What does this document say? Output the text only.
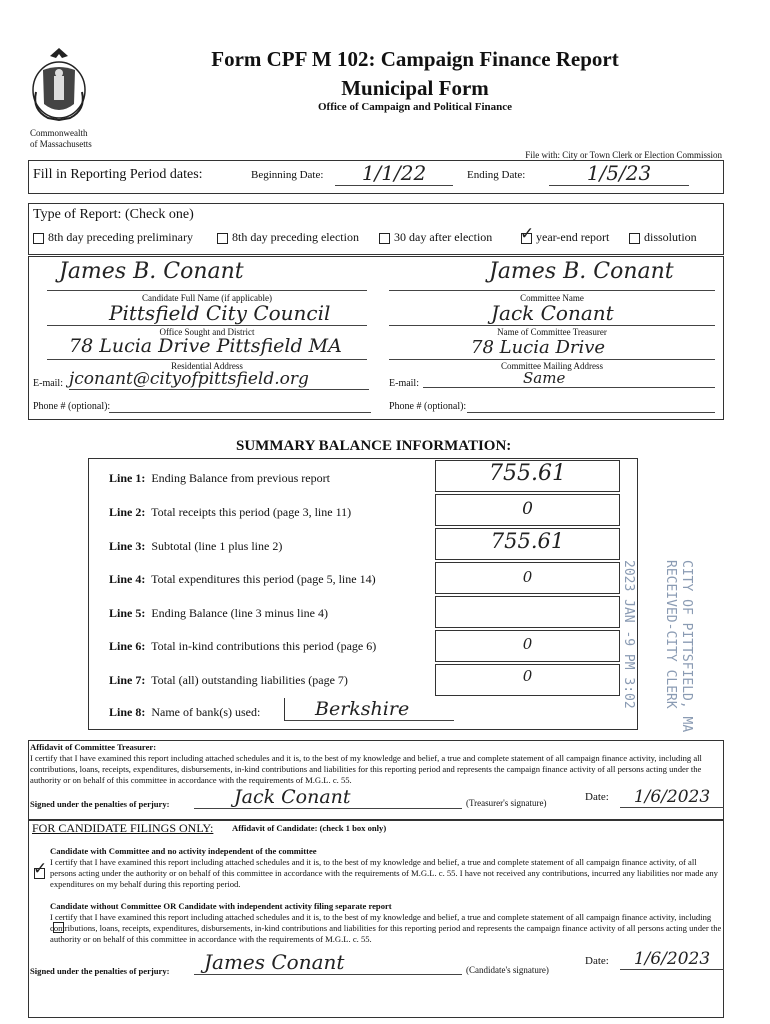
Form CPF M 102: Campaign Finance Report
Municipal Form
Office of Campaign and Political Finance
Commonwealth
of Massachusetts
File with: City or Town Clerk or Election Commission
Fill in Reporting Period dates:	Beginning Date:	1/1/22	Ending Date:	1/5/23
Type of Report: (Check one)
8th day preceding preliminary	8th day preceding election	30 day after election ✓ year-end report	dissolution
James B. Conant
Candidate Full Name (if applicable)
Pittsfield City Council
Office Sought and District
78 Lucia Drive Pittsfield MA
Residential Address
E-mail: jconant@cityofpittsfield.org
Phone # (optional):
James B. Conant
Committee Name
Jack Conant
Name of Committee Treasurer
78 Lucia Drive
Committee Mailing Address
E-mail:	Same
Phone # (optional):
SUMMARY BALANCE INFORMATION:
Line 1: Ending Balance from previous report	755.61
Line 2: Total receipts this period (page 3, line 11)	0
Line 3: Subtotal (line 1 plus line 2)	755.61
Line 4: Total expenditures this period (page 5, line 14)	0
Line 5: Ending Balance (line 3 minus line 4)
Line 6: Total in-kind contributions this period (page 6)	0
Line 7: Total (all) outstanding liabilities (page 7)	0
Line 8: Name of bank(s) used:	Berkshire
2023 JAN -9 PM 3:02 RECEIVED-CITY CLERK CITY OF PITTSFIELD, MA
Affidavit of Committee Treasurer:
I certify that I have examined this report including attached schedules and it is, to the best of my knowledge and belief, a true and complete statement of all campaign finance activity, including all contributions, loans, receipts, expenditures, disbursements, in-kind contributions and liabilities for this reporting period and represents the campaign finance activity of all persons acting under the authority or on behalf of this committee in accordance with the requirements of M.G.L. c. 55.
Signed under the penalties of perjury:	Jack Conant	(Treasurer's signature)	Date:	1/6/2023
FOR CANDIDATE FILINGS ONLY: Affidavit of Candidate: (check 1 box only)
Candidate with Committee and no activity independent of the committee
✓
I certify that I have examined this report including attached schedules and it is, to the best of my knowledge and belief, a true and complete statement of all campaign finance activity, of all persons acting under the authority or on behalf of this committee in accordance with the requirements of M.G.L. c. 55. I have not received any contributions, incurred any liabilities nor made any expenditures on my behalf during this reporting period.
Candidate without Committee OR Candidate with independent activity filing separate report
I certify that I have examined this report including attached schedules and it is, to the best of my knowledge and belief, a true and complete statement of all campaign finance activity, including contributions, loans, receipts, expenditures, disbursements, in-kind contributions and liabilities for this reporting period and represents the campaign finance activity of all persons acting under the authority or on behalf of this committee in accordance with the requirements of M.G.L. c. 55.
Signed under the penalties of perjury:	James Conant	(Candidate's signature)
Date:	1/6/2023
